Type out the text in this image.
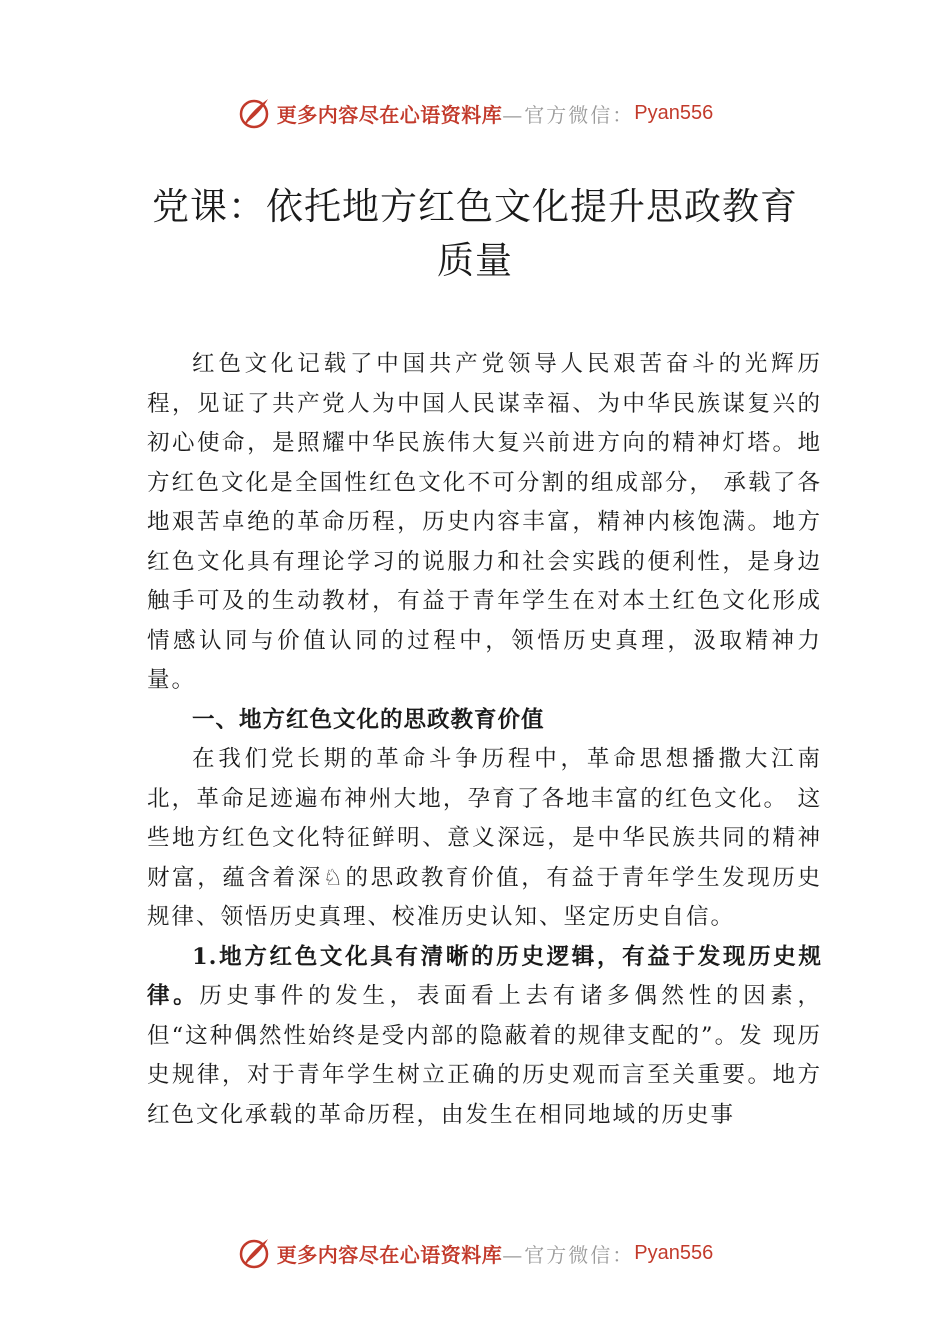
更多内容尽在心语资料库 —官方微信： Pyan556
党课：依托地方红色文化提升思政教育质量

红色文化记载了中国共产党领导人民艰苦奋斗的光辉历程，见证了共产党人为中国人民谋幸福、为中华民族谋复兴的初心使命，是照耀中华民族伟大复兴前进方向的精神灯塔。地方红色文化是全国性红色文化不可分割的组成部分， 承载了各地艰苦卓绝的革命历程，历史内容丰富，精神内核饱满。地方红色文化具有理论学习的说服力和社会实践的便利性，是身边触手可及的生动教材，有益于青年学生在对本土红色文化形成情感认同与价值认同的过程中，领悟历史真理，汲取精神力量。

一、地方红色文化的思政教育价值

在我们党长期的革命斗争历程中，革命思想播撒大江南北，革命足迹遍布神州大地，孕育了各地丰富的红色文化。 这些地方红色文化特征鲜明、意义深远，是中华民族共同的精神财富，蕴含着深♘的思政教育价值，有益于青年学生发现历史规律、领悟历史真理、校准历史认知、坚定历史自信。

1.地方红色文化具有清晰的历史逻辑，有益于发现历史规律。历史事件的发生，表面看上去有诸多偶然性的因素， 但“这种偶然性始终是受内部的隐蔽着的规律支配的”。发 现历史规律，对于青年学生树立正确的历史观而言至关重要。地方红色文化承载的革命历程，由发生在相同地域的历史事

更多内容尽在心语资料库 —官方微信： Pyan556
